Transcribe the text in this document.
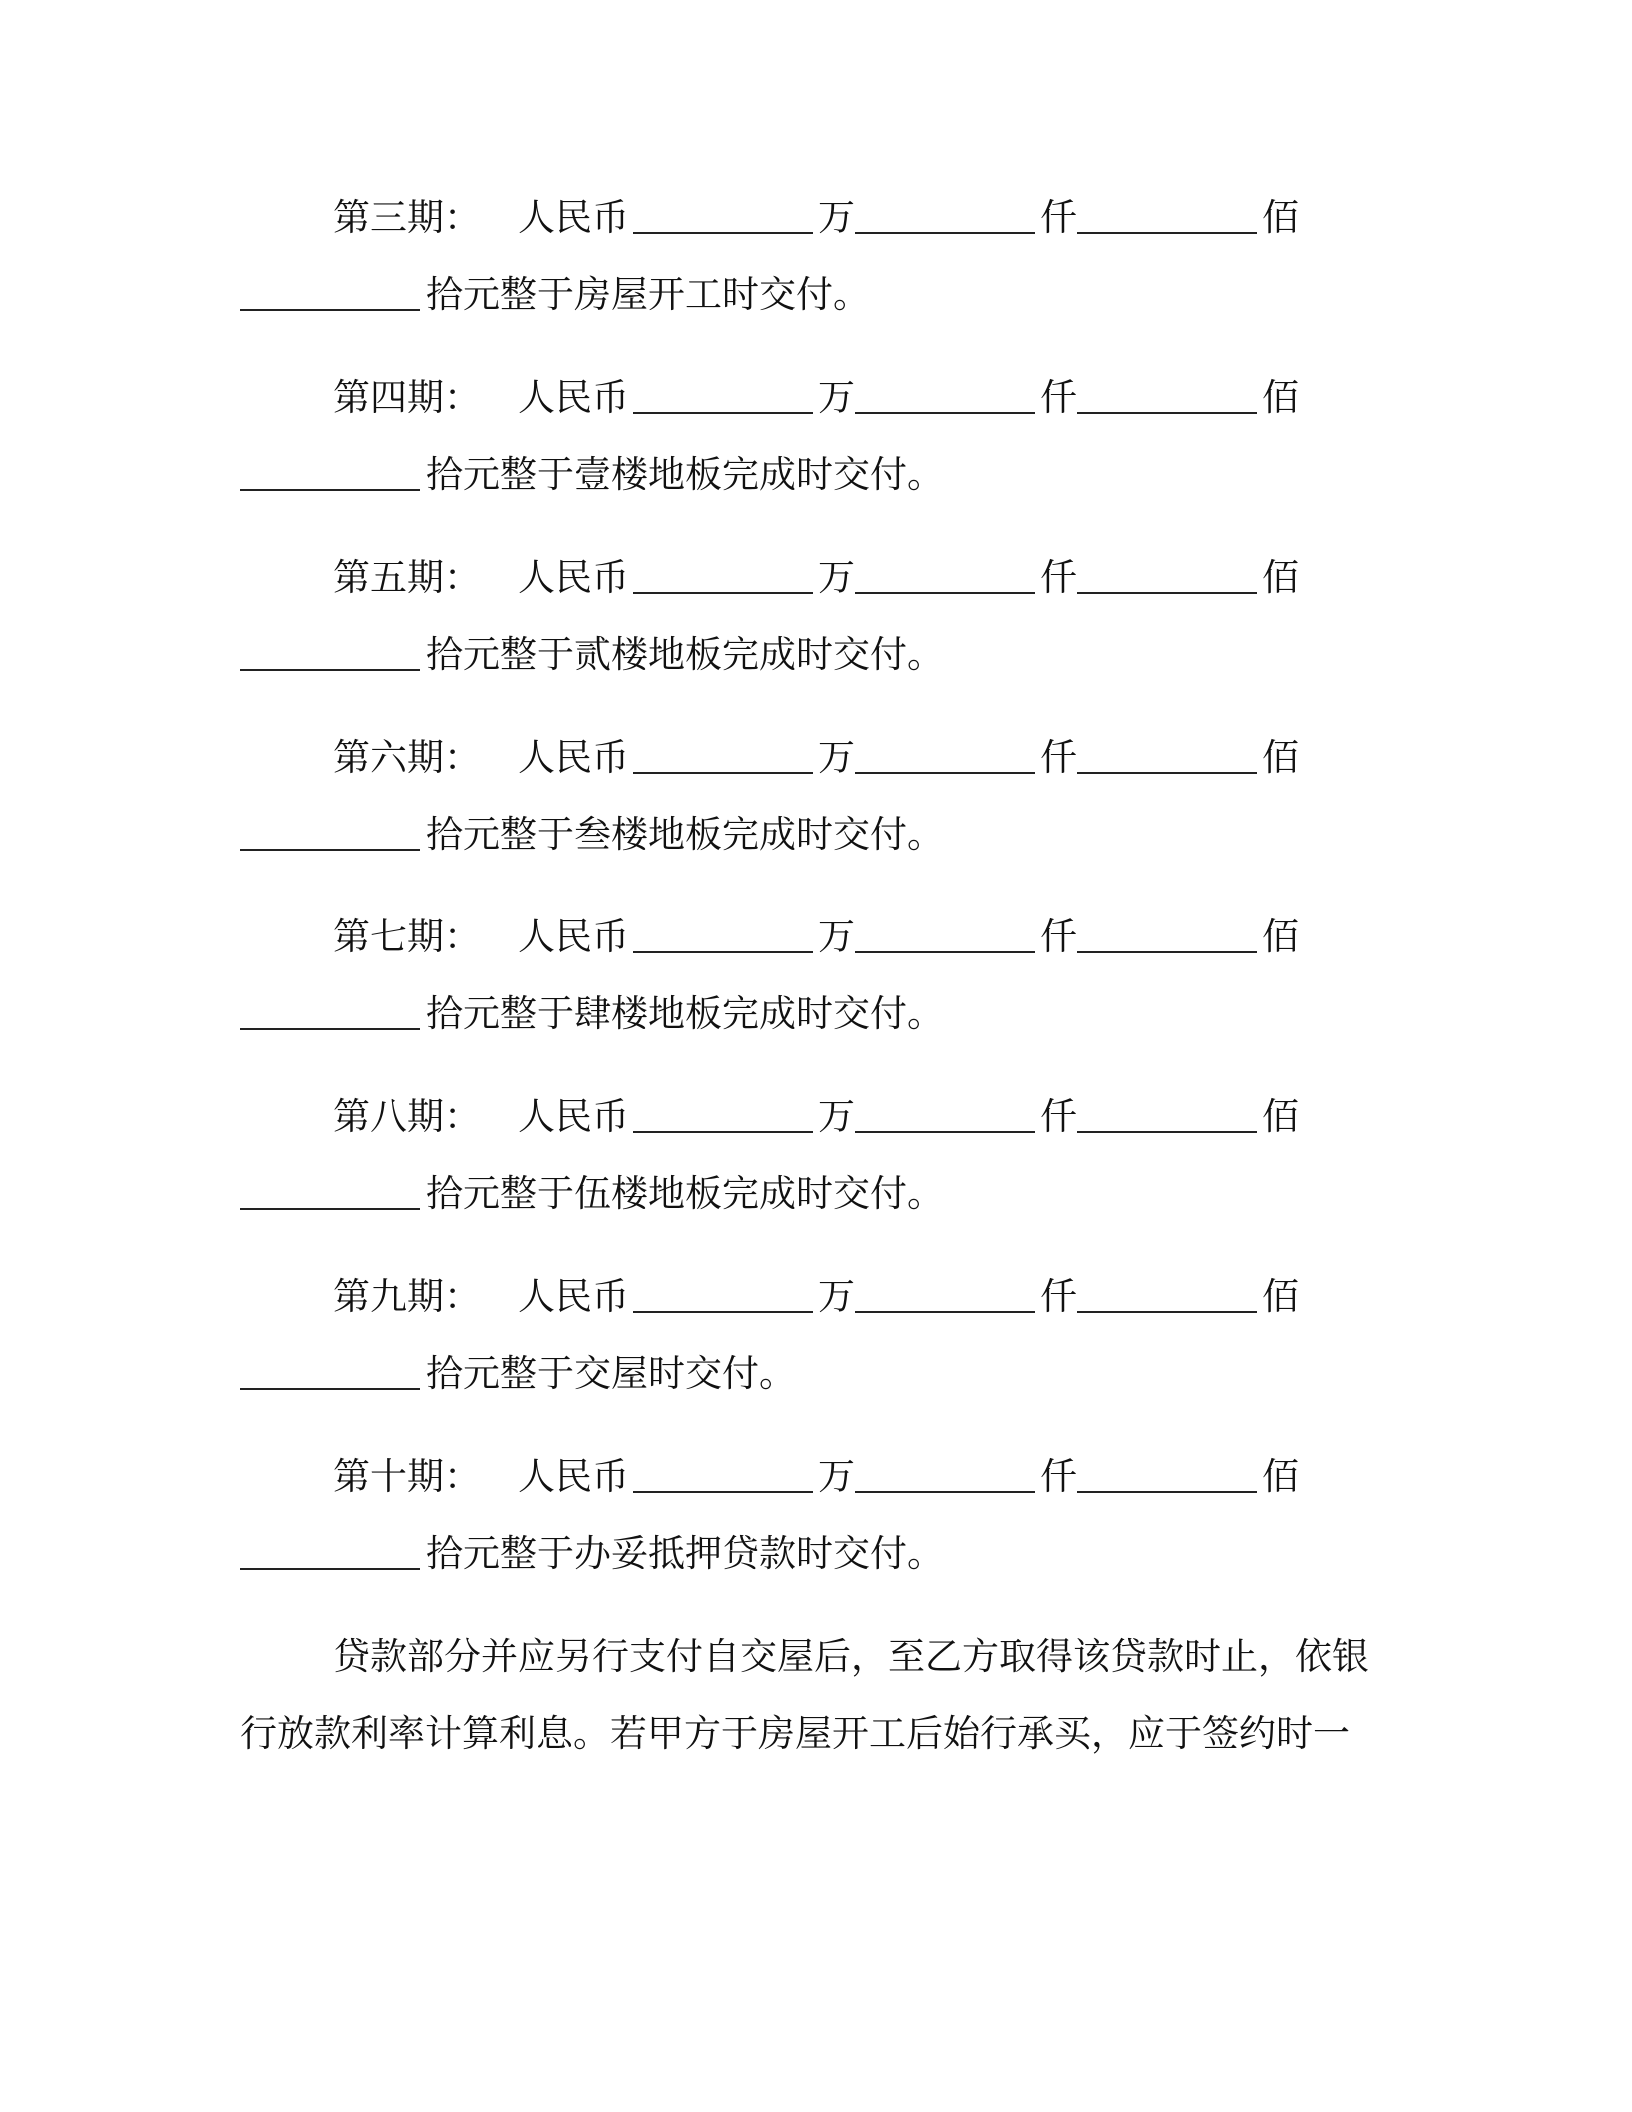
第三期： 人民币	万	仟	佰
拾元整于房屋开工时交付。
第四期： 人民币	万	仟	佰
拾元整于壹楼地板完成时交付。
第五期： 人民币	万	仟	佰
拾元整于贰楼地板完成时交付。
第六期： 人民币	万	仟	佰
拾元整于叁楼地板完成时交付。
第七期： 人民币	万	仟	佰
拾元整于肆楼地板完成时交付。
第八期： 人民币	万	仟	佰
拾元整于伍楼地板完成时交付。
第九期： 人民币	万	仟	佰
拾元整于交屋时交付。
第十期： 人民币	万	仟	佰
拾元整于办妥抵押贷款时交付。
贷款部分并应另行支付自交屋后，至乙方取得该贷款时止，依银
行放款利率计算利息。若甲方于房屋开工后始行承买，应于签约时一
